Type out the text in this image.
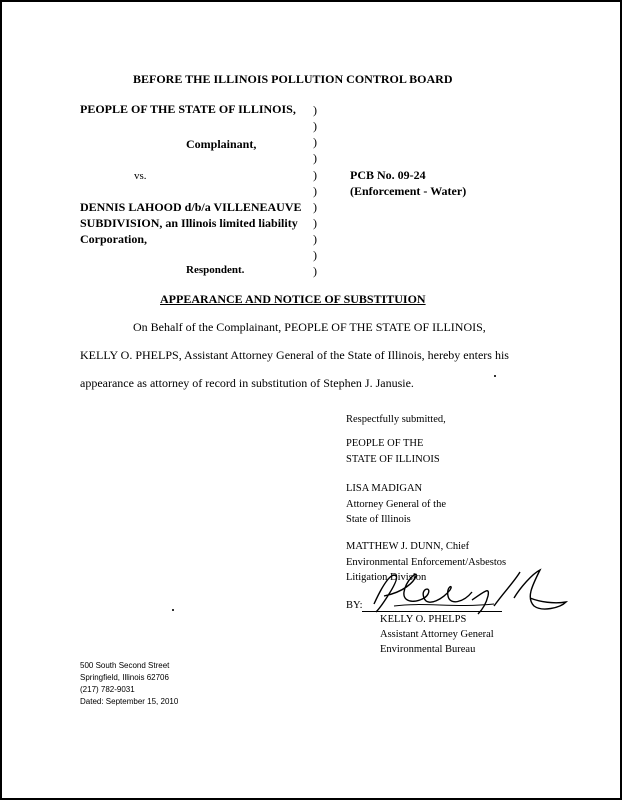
BEFORE THE ILLINOIS POLLUTION CONTROL BOARD
PEOPLE OF THE STATE OF ILLINOIS,
Complainant,
vs.
DENNIS LAHOOD d/b/a VILLENEAUVE
SUBDIVISION, an Illinois limited liability
Corporation,
Respondent.
)
)
)
)
)
)
)
)
)
)
)
PCB No. 09-24
(Enforcement - Water)
APPEARANCE AND NOTICE OF SUBSTITUION
On Behalf of the Complainant, PEOPLE OF THE STATE OF ILLINOIS,
KELLY O. PHELPS, Assistant Attorney General of the State of Illinois, hereby enters his
appearance as attorney of record in substitution of Stephen J. Janusie.
Respectfully submitted,
PEOPLE OF THE
STATE OF ILLINOIS
LISA MADIGAN
Attorney General of the
State of Illinois
MATTHEW J. DUNN, Chief
Environmental Enforcement/Asbestos
Litigation Division
BY:
KELLY O. PHELPS
Assistant Attorney General
Environmental Bureau
500 South Second Street
Springfield, Illinois 62706
(217) 782-9031
Dated: September 15, 2010
